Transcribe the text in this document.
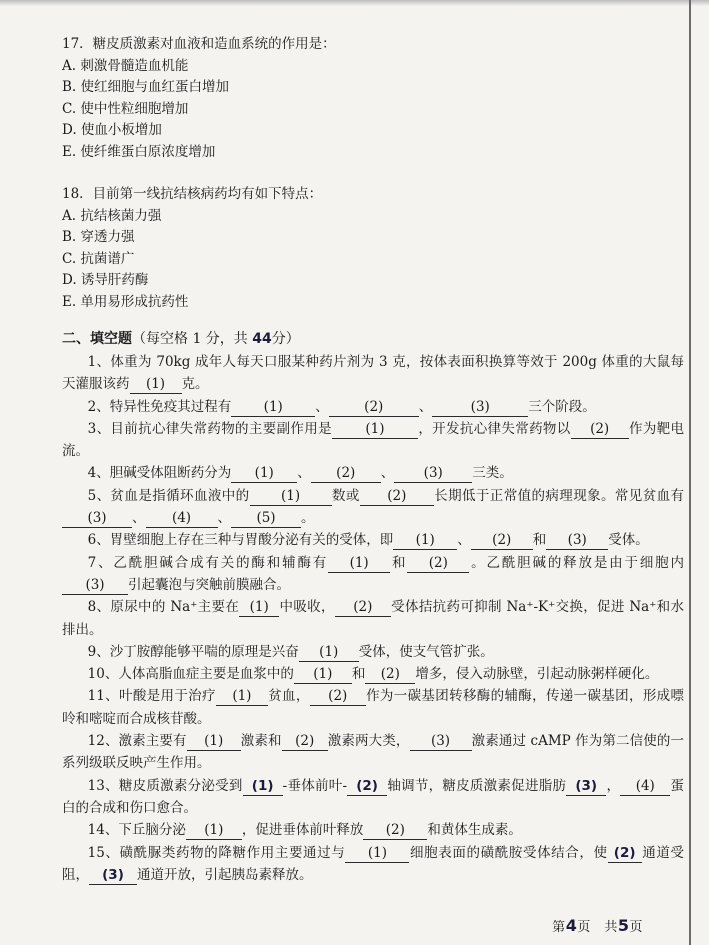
17．糖皮质激素对血液和造血系统的作用是：
A. 刺激骨髓造血机能
B. 使红细胞与血红蛋白增加
C. 使中性粒细胞增加
D. 使血小板增加
E. 使纤维蛋白原浓度增加
18．目前第一线抗结核病药均有如下特点：
A. 抗结核菌力强
B. 穿透力强
C. 抗菌谱广
D. 诱导肝药酶
E. 单用易形成抗药性
二、填空题（每空格 1 分，共 44分）
1、体重为 70kg 成年人每天口服某种药片剂为 3 克，按体表面积换算等效于 200g 体重的大鼠每天灌服该药 (1) 克。
2、特异性免疫其过程有 (1) 、	(2)	、	(3)	三个阶段。
3、目前抗心律失常药物的主要副作用是 (1) ，开发抗心律失常药物以 (2) 作为靶电流。
4、胆碱受体阻断药分为 (1) 、 (2) 、 (3) 三类。
5、贫血是指循环血液中的 (1) 数或 (2) 长期低于正常值的病理现象。常见贫血有(3) 、 (4) 、 (5) 。
6、胃壁细胞上存在三种与胃酸分泌有关的受体，即 (1) 、 (2) 和 (3) 受体。
7、乙酰胆碱合成有关的酶和辅酶有 (1) 和 (2) 。乙酰胆碱的释放是由于细胞内(3) 引起囊泡与突触前膜融合。
8、原尿中的 Na⁺主要在 (1) 中吸收， (2) 受体拮抗药可抑制 Na⁺-K⁺交换，促进 Na⁺和水排出。
9、沙丁胺醇能够平喘的原理是兴奋 (1) 受体，使支气管扩张。
10、人体高脂血症主要是血浆中的 (1) 和 (2) 增多，侵入动脉壁，引起动脉粥样硬化。
11、叶酸是用于治疗 (1) 贫血， (2) 作为一碳基团转移酶的辅酶，传递一碳基团，形成嘌呤和嘧啶而合成核苷酸。
12、激素主要有 (1) 激素和 (2) 激素两大类， (3) 激素通过 cAMP 作为第二信使的一系列级联反映产生作用。
13、糖皮质激素分泌受到 (1) -垂体前叶- (2) 轴调节，糖皮质激素促进脂肪 (3) ， (4) 蛋白的合成和伤口愈合。
14、下丘脑分泌 (1) ，促进垂体前叶释放 (2) 和黄体生成素。
15、磺酰脲类药物的降糖作用主要通过与 (1) 细胞表面的磺酰胺受体结合，使 (2) 通道受阻， (3) 通道开放，引起胰岛素释放。
第4页　共5页
